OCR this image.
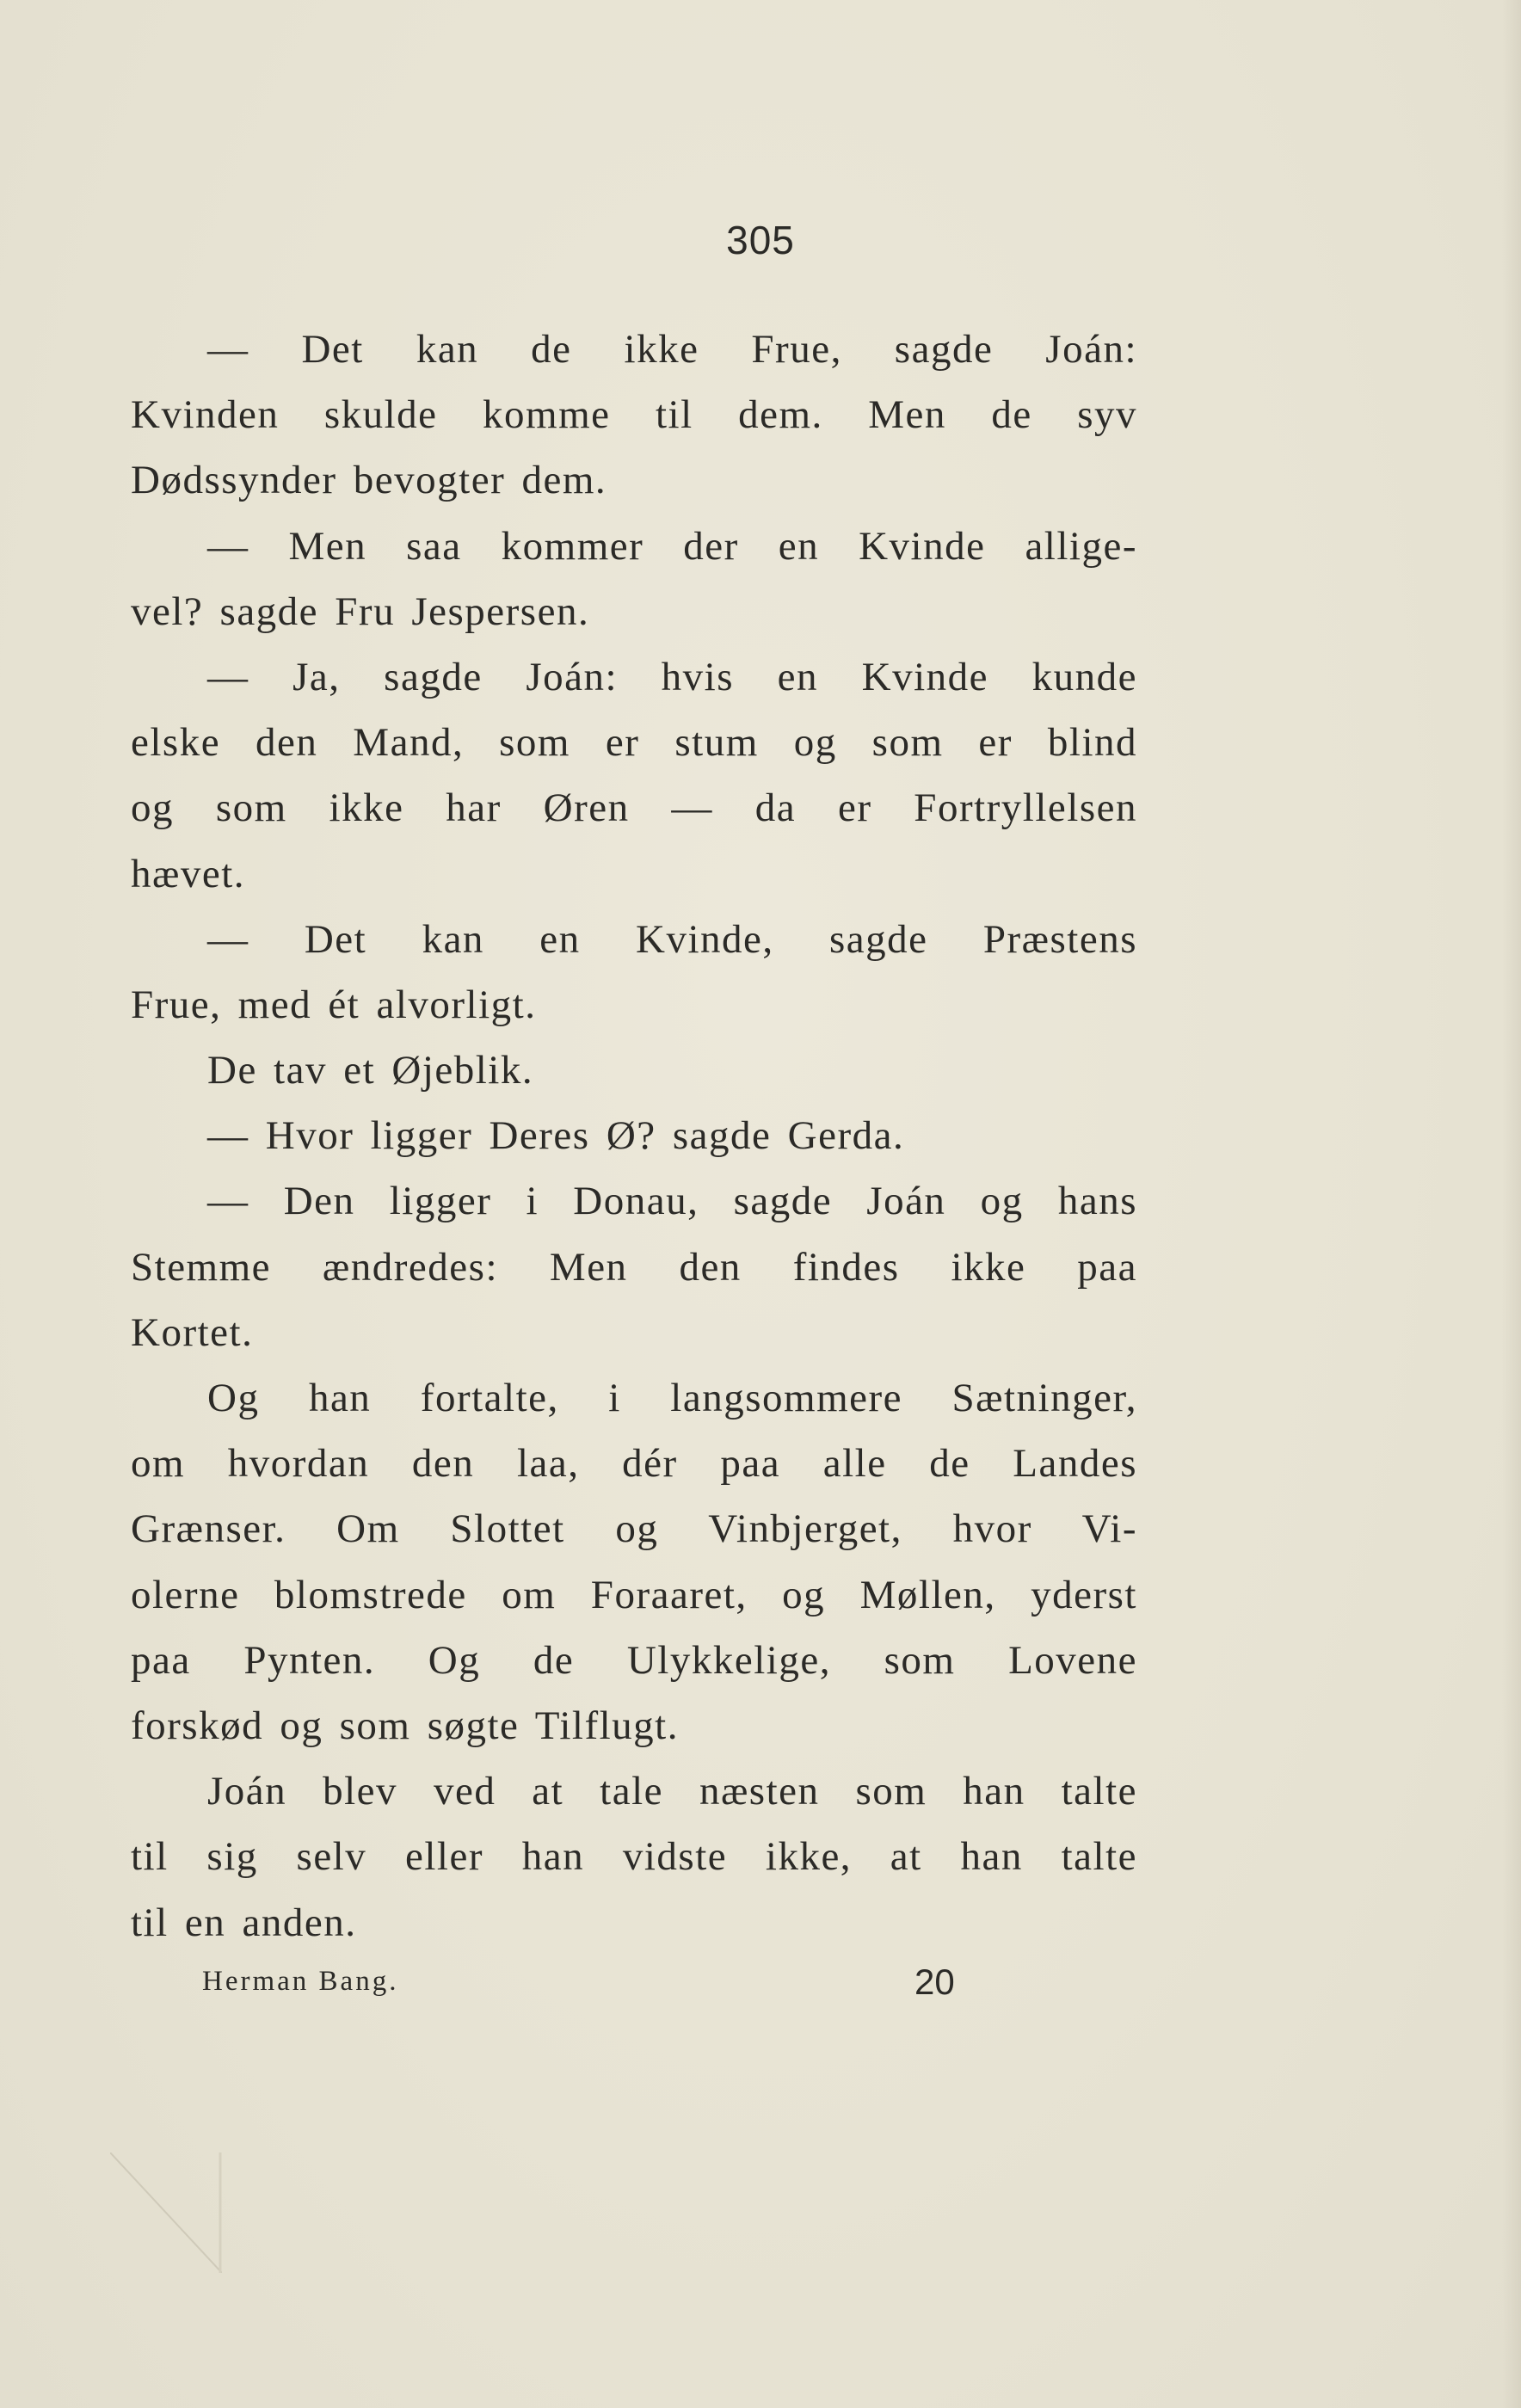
305
— Det kan de ikke Frue, sagde Joán:
Kvinden skulde komme til dem. Men de syv
Dødssynder bevogter dem.
— Men saa kommer der en Kvinde allige-
vel? sagde Fru Jespersen.
— Ja, sagde Joán: hvis en Kvinde kunde
elske den Mand, som er stum og som er blind
og som ikke har Øren — da er Fortryllelsen
hævet.
— Det kan en Kvinde, sagde Præstens
Frue, med ét alvorligt.
De tav et Øjeblik.
— Hvor ligger Deres Ø? sagde Gerda.
— Den ligger i Donau, sagde Joán og hans
Stemme ændredes: Men den findes ikke paa
Kortet.
Og han fortalte, i langsommere Sætninger,
om hvordan den laa, dér paa alle de Landes
Grænser. Om Slottet og Vinbjerget, hvor Vi-
olerne blomstrede om Foraaret, og Møllen, yderst
paa Pynten. Og de Ulykkelige, som Lovene
forskød og som søgte Tilflugt.
Joán blev ved at tale næsten som han talte
til sig selv eller han vidste ikke, at han talte
til en anden.
Herman Bang.	20
